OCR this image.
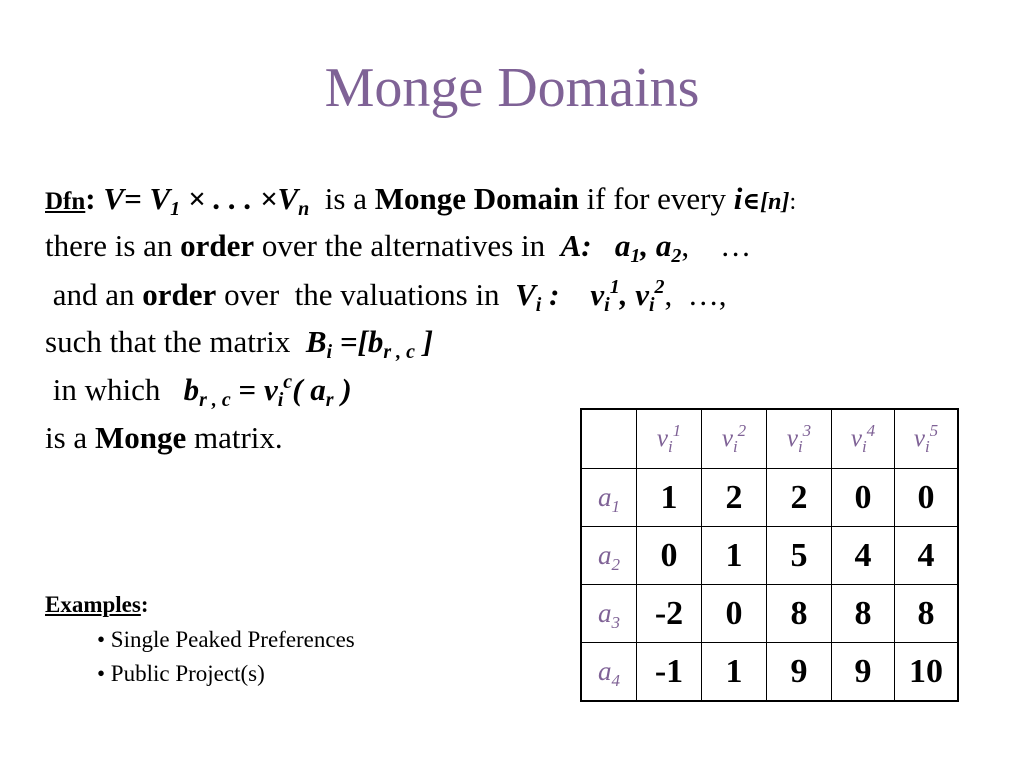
Monge Domains
Dfn: $V= V_1$ × . . . $\times V_n$  is a Monge Domain if for every i∈[n]:
there is an order over the alternatives in  A: $a_1$, $a_2$,    …
and an order over  the valuations in  $V_i$ :    $v_i^1$, $v_i^2$,  …,
such that the matrix  $B_i =[b_{r , c}$ ]
in which   $b_{r , c} = v_i^c$( $a_r$ )
is a Monge matrix.
Examples:
• Single Peaked Preferences
• Public Project(s)
	$v_i^1$	$v_i^2$	$v_i^3$	$v_i^4$	$v_i^5$
$a_1$	1	2	2	0	0
$a_2$	0	1	5	4	4
$a_3$	-2	0	8	8	8
$a_4$	-1	1	9	9	10
